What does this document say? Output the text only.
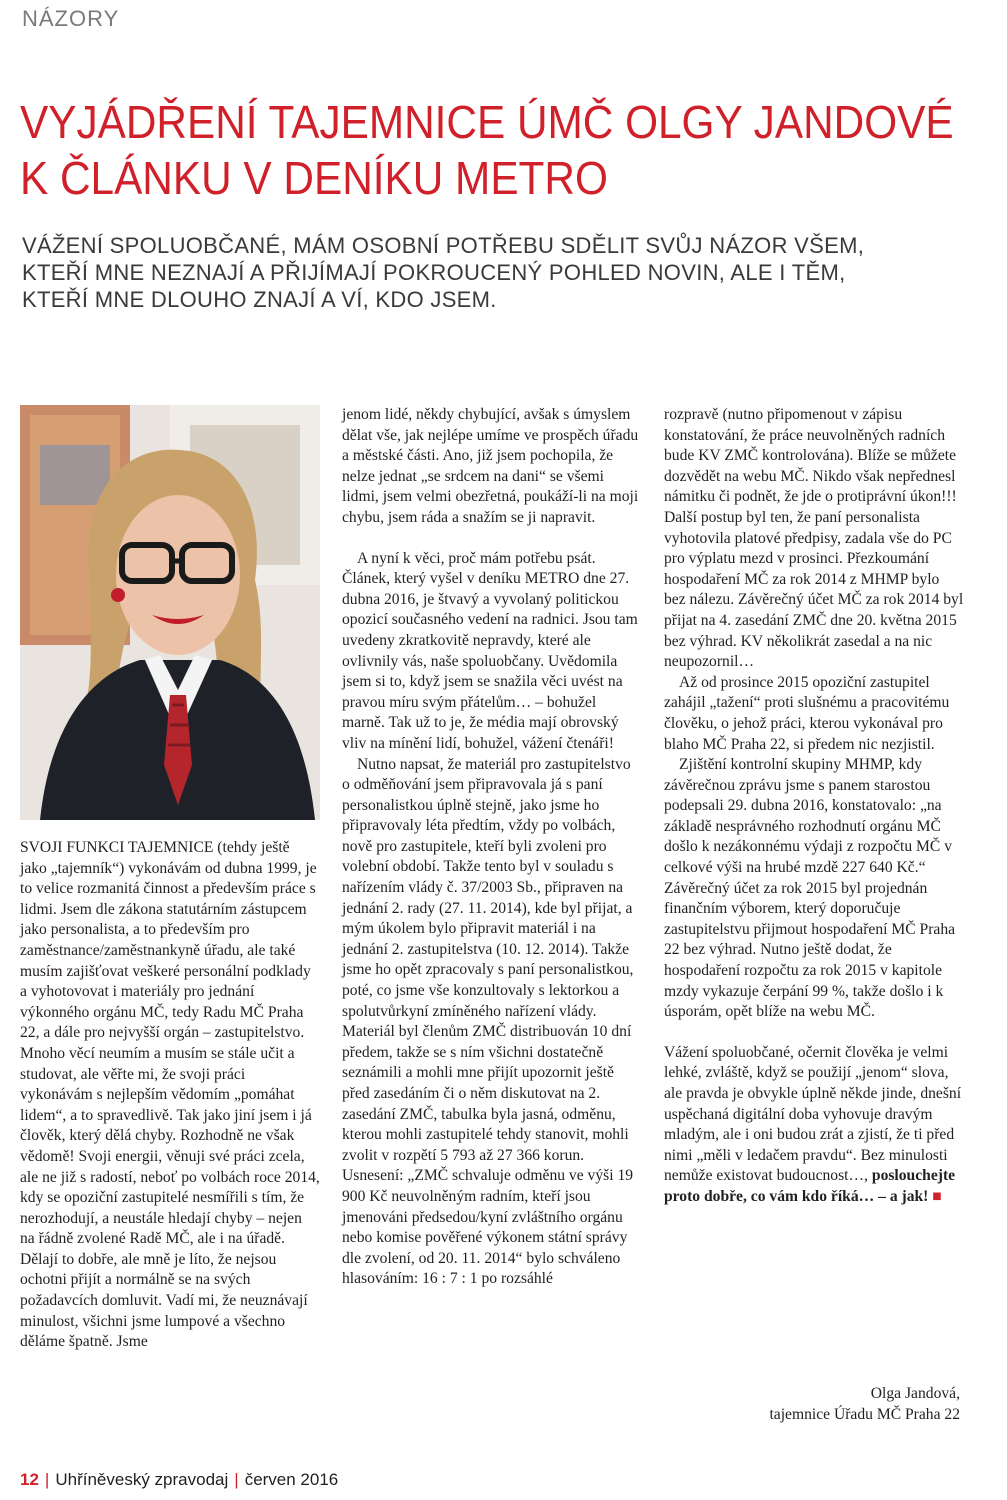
NÁZORY
VYJÁDŘENÍ TAJEMNICE ÚMČ OLGY JANDOVÉ
K ČLÁNKU V DENÍKU METRO
VÁŽENÍ SPOLUOBČANÉ, MÁM OSOBNÍ POTŘEBU SDĚLIT SVŮJ NÁZOR VŠEM,
KTEŘÍ MNE NEZNAJÍ A PŘIJÍMAJÍ POKROUCENÝ POHLED NOVIN, ALE I TĚM,
KTEŘÍ MNE DLOUHO ZNAJÍ A VÍ, KDO JSEM.

SVOJI FUNKCI TAJEMNICE (tehdy ještě jako „tajemník“) vykonávám od dubna 1999, je to velice rozmanitá činnost a především práce s lidmi. Jsem dle zákona statutárním zástupcem jako personalista, a to především pro zaměstnance/zaměstnankyně úřadu, ale také musím zajišťovat veškeré personální podklady a vyhotovovat i materiály pro jednání výkonného orgánu MČ, tedy Radu MČ Praha 22, a dále pro nejvyšší orgán – zastupitelstvo. Mnoho věcí neumím a musím se stále učit a studovat, ale věřte mi, že svoji práci vykonávám s nejlepším vědomím „pomáhat lidem“, a to spravedlivě. Tak jako jiní jsem i já člověk, který dělá chyby. Rozhodně ne však vědomě! Svoji energii, věnuji své práci zcela, ale ne již s radostí, neboť po volbách roce 2014, kdy se opoziční zastupitelé nesmířili s tím, že nerozhodují, a neustále hledají chyby – nejen na řádně zvolené Radě MČ, ale i na úřadě. Dělají to dobře, ale mně je líto, že nejsou ochotni přijít a normálně se na svých požadavcích domluvit. Vadí mi, že neuznávají minulost, všichni jsme lumpové a všechno děláme špatně. Jsme

jenom lidé, někdy chybující, avšak s úmyslem dělat vše, jak nejlépe umíme ve prospěch úřadu a městské části. Ano, již jsem pochopila, že nelze jednat „se srdcem na dani“ se všemi lidmi, jsem velmi obezřetná, poukáží-li na moji chybu, jsem ráda a snažím se ji napravit.

A nyní k věci, proč mám potřebu psát. Článek, který vyšel v deníku METRO dne 27. dubna 2016, je štvavý a vyvolaný politickou opozicí současného vedení na radnici. Jsou tam uvedeny zkratkovitě nepravdy, které ale ovlivnily vás, naše spoluobčany. Uvědomila jsem si to, když jsem se snažila věci uvést na pravou míru svým přátelům… – bohužel marně. Tak už to je, že média mají obrovský vliv na mínění lidí, bohužel, vážení čtenáři!

Nutno napsat, že materiál pro zastupitelstvo o odměňování jsem připravovala já s paní personalistkou úplně stejně, jako jsme ho připravovaly léta předtím, vždy po volbách, nově pro zastupitele, kteří byli zvoleni pro volební období. Takže tento byl v souladu s nařízením vlády č. 37/2003 Sb., připraven na jednání 2. rady (27. 11. 2014), kde byl přijat, a mým úkolem bylo připravit materiál i na jednání 2. zastupitelstva (10. 12. 2014). Takže jsme ho opět zpracovaly s paní personalistkou, poté, co jsme vše konzultovaly s lektorkou a spolutvůrkyní zmíněného nařízení vlády. Materiál byl členům ZMČ distribuován 10 dní předem, takže se s ním všichni dostatečně seznámili a mohli mne přijít upozornit ještě před zasedáním či o něm diskutovat na 2. zasedání ZMČ, tabulka byla jasná, odměnu, kterou mohli zastupitelé tehdy stanovit, mohli zvolit v rozpětí 5 793 až 27 366 korun. Usnesení: „ZMČ schvaluje odměnu ve výši 19 900 Kč neuvolněným radním, kteří jsou jmenováni předsedou/kyní zvláštního orgánu nebo komise pověřené výkonem státní správy dle zvolení, od 20. 11. 2014“ bylo schváleno hlasováním: 16 : 7 : 1 po rozsáhlé

rozpravě (nutno připomenout v zápisu konstatování, že práce neuvolněných radních bude KV ZMČ kontrolována). Blíže se můžete dozvědět na webu MČ. Nikdo však nepřednesl námitku či podnět, že jde o protiprávní úkon!!! Další postup byl ten, že paní personalista vyhotovila platové předpisy, zadala vše do PC pro výplatu mezd v prosinci. Přezkoumání hospodaření MČ za rok 2014 z MHMP bylo bez nálezu. Závěrečný účet MČ za rok 2014 byl přijat na 4. zasedání ZMČ dne 20. května 2015 bez výhrad. KV několikrát zasedal a na nic neupozornil…

Až od prosince 2015 opoziční zastupitel zahájil „tažení“ proti slušnému a pracovitému člověku, o jehož práci, kterou vykonával pro blaho MČ Praha 22, si předem nic nezjistil.

Zjištění kontrolní skupiny MHMP, kdy závěrečnou zprávu jsme s panem starostou podepsali 29. dubna 2016, konstatovalo: „na základě nesprávného rozhodnutí orgánu MČ došlo k nezákonnému výdaji z rozpočtu MČ v celkové výši na hrubé mzdě 227 640 Kč.“ Závěrečný účet za rok 2015 byl projednán finančním výborem, který doporučuje zastupitelstvu přijmout hospodaření MČ Praha 22 bez výhrad. Nutno ještě dodat, že hospodaření rozpočtu za rok 2015 v kapitole mzdy vykazuje čerpání 99 %, takže došlo i k úsporám, opět blíže na webu MČ.

Vážení spoluobčané, očernit člověka je velmi lehké, zvláště, když se použijí „jenom“ slova, ale pravda je obvykle úplně někde jinde, dnešní uspěchaná digitální doba vyhovuje dravým mladým, ale i oni budou zrát a zjistí, že ti před nimi „měli v ledačem pravdu“. Bez minulosti nemůže existovat budoucnost…, poslouchejte proto dobře, co vám kdo říká… – a jak! ■

Olga Jandová,
tajemnice Úřadu MČ Praha 22
12 | Uhříněveský zpravodaj | červen 2016
